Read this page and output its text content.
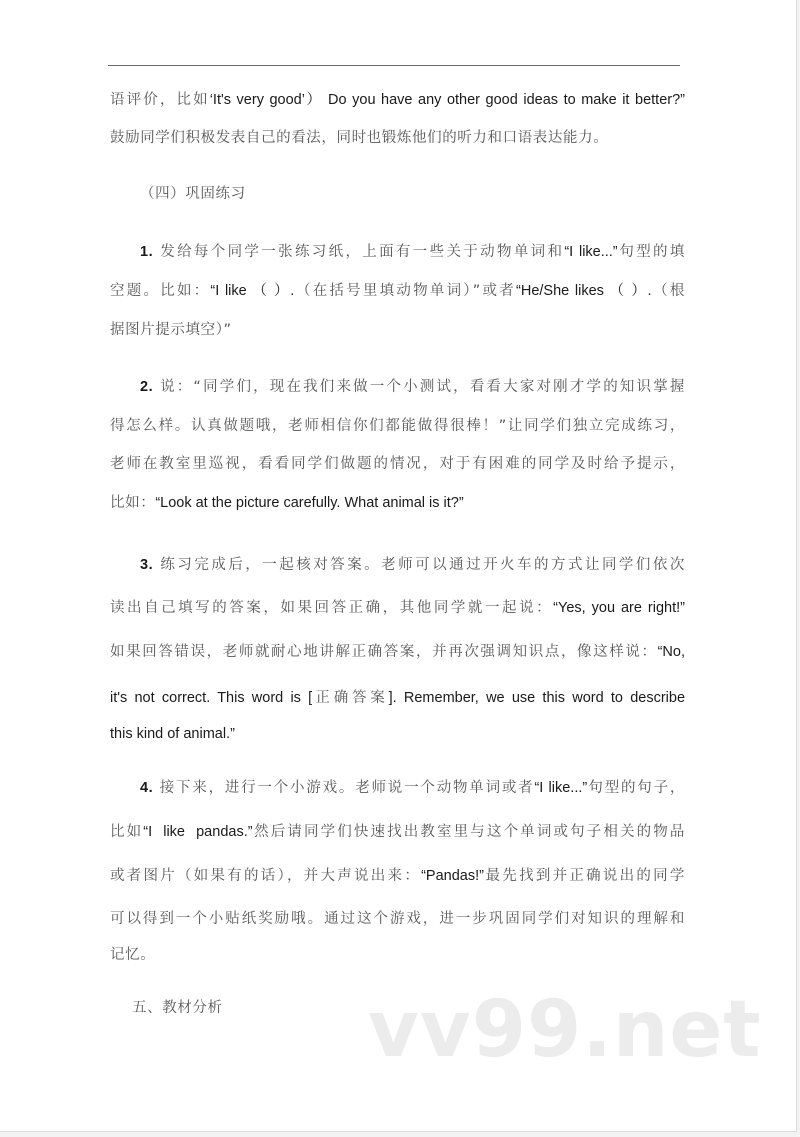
语评价，比如‘It's very good’） Do you have any other good ideas to make it better?”
鼓励同学们积极发表自己的看法，同时也锻炼他们的听力和口语表达能力。
（四）巩固练习
1. 发给每个同学一张练习纸，上面有一些关于动物单词和“I like...”句型的填
空题。比如：“I like （ ）.（在括号里填动物单词）”或者“He/She likes （ ）.（根
据图片提示填空）”
2. 说：“同学们，现在我们来做一个小测试，看看大家对刚才学的知识掌握
得怎么样。认真做题哦，老师相信你们都能做得很棒！”让同学们独立完成练习，
老师在教室里巡视，看看同学们做题的情况，对于有困难的同学及时给予提示，
比如：“Look at the picture carefully. What animal is it?”
3. 练习完成后，一起核对答案。老师可以通过开火车的方式让同学们依次
读出自己填写的答案，如果回答正确，其他同学就一起说：“Yes, you are right!”
如果回答错误，老师就耐心地讲解正确答案，并再次强调知识点，像这样说：“No,
it's not correct. This word is [正确答案]. Remember, we use this word to describe
this kind of animal.”
4. 接下来，进行一个小游戏。老师说一个动物单词或者“I like...”句型的句子，
比如“I  like  pandas.”然后请同学们快速找出教室里与这个单词或句子相关的物品
或者图片（如果有的话），并大声说出来：“Pandas!”最先找到并正确说出的同学
可以得到一个小贴纸奖励哦。通过这个游戏，进一步巩固同学们对知识的理解和
记忆。
五、教材分析	vv99.net
